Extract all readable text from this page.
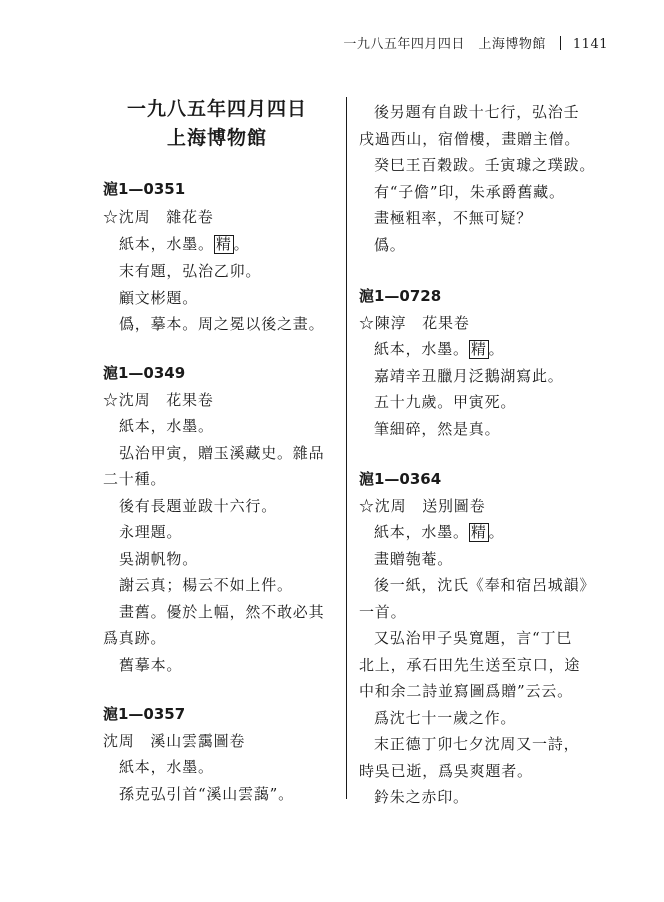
一九八五年四月四日　上海博物館 1141
一九八五年四月四日
上海博物館
滬1—0351
☆沈周　雜花卷
紙本，水墨。 精 。
末有題，弘治乙卯。
顧文彬題。
僞，摹本。周之冕以後之畫。
滬1—0349
☆沈周　花果卷
紙本，水墨。
弘治甲寅，贈玉溪藏史。雜品
二十種。
後有長題並跋十六行。
永理題。
吳湖帆物。
謝云真；楊云不如上件。
畫舊。優於上幅，然不敢必其
爲真跡。
舊摹本。
滬1—0357
沈周　溪山雲靄圖卷
紙本，水墨。
孫克弘引首“溪山雲藹”。
後另題有自跋十七行，弘治壬
戌過西山，宿僧樓，畫贈主僧。
癸巳王百穀跋。壬寅璩之璞跋。
有“子儋”印，朱承爵舊藏。
畫極粗率，不無可疑？
僞。
滬1—0728
☆陳淳　花果卷
紙本，水墨。 精 。
嘉靖辛丑臘月泛鵝湖寫此。
五十九歲。甲寅死。
筆細碎，然是真。
滬1—0364
☆沈周　送別圖卷
紙本，水墨。 精 。
畫贈匏菴。
後一紙，沈氏《奉和宿呂城韻》
一首。
又弘治甲子吳寬題，言“丁巳
北上，承石田先生送至京口，途
中和余二詩並寫圖爲贈”云云。
爲沈七十一歲之作。
末正德丁卯七夕沈周又一詩，
時吳已逝，爲吳爽題者。
鈐朱之赤印。
